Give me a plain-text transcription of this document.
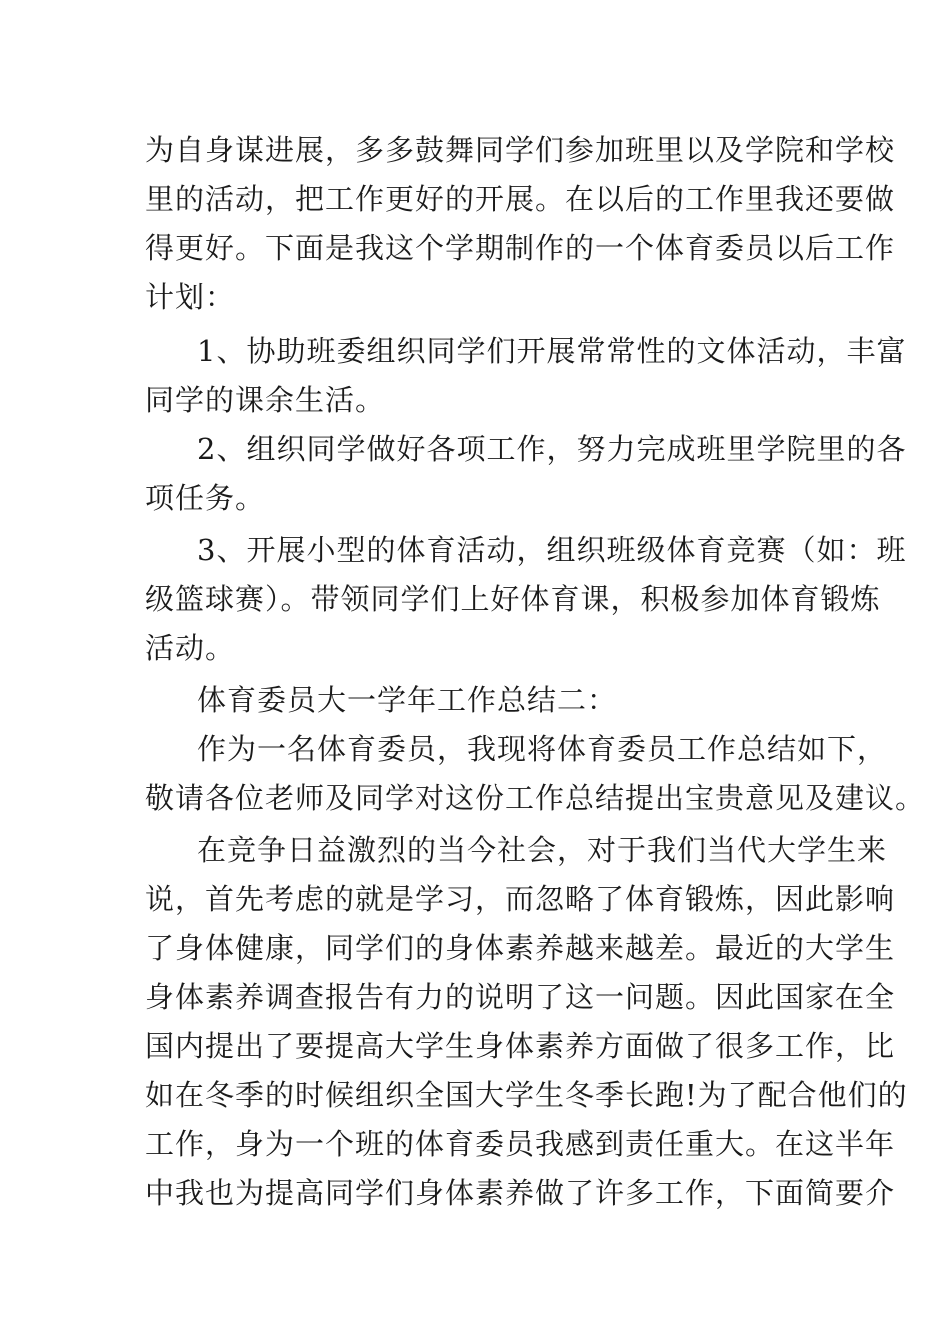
为自身谋进展，多多鼓舞同学们参加班里以及学院和学校
里的活动，把工作更好的开展。在以后的工作里我还要做
得更好。下面是我这个学期制作的一个体育委员以后工作
计划：
1、协助班委组织同学们开展常常性的文体活动，丰富
同学的课余生活。
2、组织同学做好各项工作，努力完成班里学院里的各
项任务。
3、开展小型的体育活动，组织班级体育竞赛（如：班
级篮球赛）。带领同学们上好体育课，积极参加体育锻炼
活动。
体育委员大一学年工作总结二：
作为一名体育委员，我现将体育委员工作总结如下，
敬请各位老师及同学对这份工作总结提出宝贵意见及建议。
在竞争日益激烈的当今社会，对于我们当代大学生来
说，首先考虑的就是学习，而忽略了体育锻炼，因此影响
了身体健康，同学们的身体素养越来越差。最近的大学生
身体素养调查报告有力的说明了这一问题。因此国家在全
国内提出了要提高大学生身体素养方面做了很多工作，比
如在冬季的时候组织全国大学生冬季长跑!为了配合他们的
工作，身为一个班的体育委员我感到责任重大。在这半年
中我也为提高同学们身体素养做了许多工作，下面简要介
